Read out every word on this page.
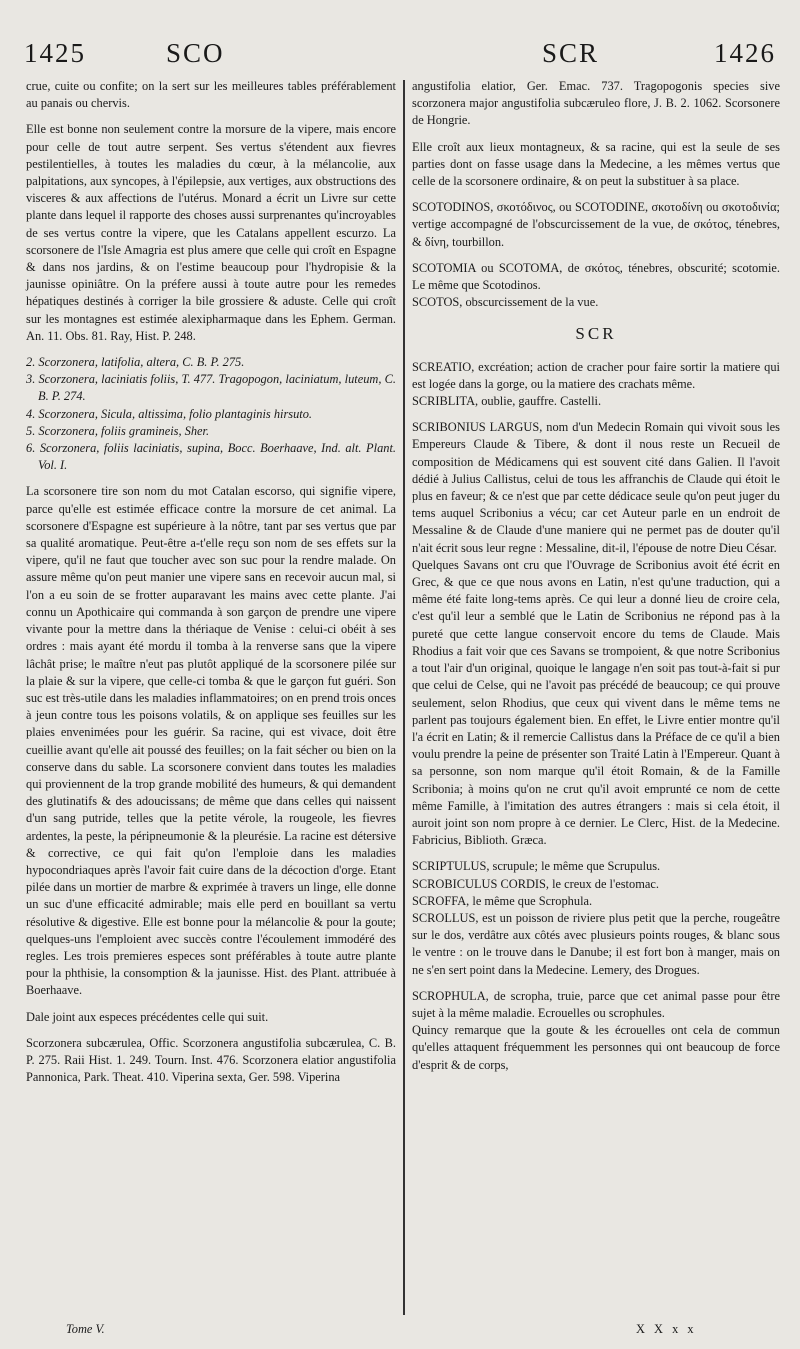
1425	SCO	SCR	1426

crue, cuite ou confite; on la sert sur les meilleures tables préférablement au panais ou chervis.

Elle est bonne non seulement contre la morsure de la vipere, mais encore pour celle de tout autre serpent. Ses vertus s'étendent aux fievres pestilentielles, à toutes les maladies du cœur, à la mélancolie, aux palpitations, aux syncopes, à l'épilepsie, aux vertiges, aux obstructions des visceres & aux affections de l'utérus. Monard a écrit un Livre sur cette plante dans lequel il rapporte des choses aussi surprenantes qu'incroyables de ses vertus contre la vipere, que les Catalans appellent escurzo. La scorsonere de l'Isle Amagria est plus amere que celle qui croît en Espagne & dans nos jardins, & on l'estime beaucoup pour l'hydropisie & la jaunisse opiniâtre. On la préfere aussi à toute autre pour les remedes hépatiques destinés à corriger la bile grossiere & aduste. Celle qui croît sur les montagnes est estimée alexipharmaque dans les Ephem. German. An. 11. Obs. 81. Ray, Hist. P. 248.

2. Scorzonera, latifolia, altera, C. B. P. 275.
3. Scorzonera, laciniatis foliis, T. 477. Tragopogon, laciniatum, luteum, C. B. P. 274.
4. Scorzonera, Sicula, altissima, folio plantaginis hirsuto.
5. Scorzonera, foliis gramineis, Sher.
6. Scorzonera, foliis laciniatis, supina, Bocc. Boerhaave, Ind. alt. Plant. Vol. I.

La scorsonere tire son nom du mot Catalan escorso, qui signifie vipere, parce qu'elle est estimée efficace contre la morsure de cet animal. La scorsonere d'Espagne est supérieure à la nôtre, tant par ses vertus que par sa qualité aromatique. Peut-être a-t'elle reçu son nom de ses effets sur la vipere, qu'il ne faut que toucher avec son suc pour la rendre malade. On assure même qu'on peut manier une vipere sans en recevoir aucun mal, si l'on a eu soin de se frotter auparavant les mains avec cette plante. J'ai connu un Apothicaire qui commanda à son garçon de prendre une vipere vivante pour la mettre dans la thériaque de Venise : celui-ci obéit à ses ordres : mais ayant été mordu il tomba à la renverse sans que la vipere lâchât prise; le maître n'eut pas plutôt appliqué de la scorsonere pilée sur la plaie & sur la vipere, que celle-ci tomba & que le garçon fut guéri. Son suc est très-utile dans les maladies inflammatoires; on en prend trois onces à jeun contre tous les poisons volatils, & on applique ses feuilles sur les plaies envenimées pour les guérir. Sa racine, qui est vivace, doit être cueillie avant qu'elle ait poussé des feuilles; on la fait sécher ou bien on la conserve dans du sable. La scorsonere convient dans toutes les maladies qui proviennent de la trop grande mobilité des humeurs, & qui demandent des glutinatifs & des adoucissans; de même que dans celles qui naissent d'un sang putride, telles que la petite vérole, la rougeole, les fievres ardentes, la peste, la péripneumonie & la pleurésie. La racine est détersive & corrective, ce qui fait qu'on l'emploie dans les maladies hypocondriaques après l'avoir fait cuire dans de la décoction d'orge. Etant pilée dans un mortier de marbre & exprimée à travers un linge, elle donne un suc d'une efficacité admirable; mais elle perd en bouillant sa vertu résolutive & digestive. Elle est bonne pour la mélancolie & pour la goute; quelques-uns l'emploient avec succès contre l'écoulement immodéré des regles. Les trois premieres especes sont préférables à toute autre plante pour la phthisie, la consomption & la jaunisse. Hist. des Plant. attribuée à Boerhaave.

Dale joint aux especes précédentes celle qui suit.

Scorzonera subcærulea, Offic. Scorzonera angustifolia subcærulea, C. B. P. 275. Raii Hist. 1. 249. Tourn. Inst. 476. Scorzonera elatior angustifolia Pannonica, Park. Theat. 410. Viperina sexta, Ger. 598. Viperina

angustifolia elatior, Ger. Emac. 737. Tragopogonis species sive scorzonera major angustifolia subcæruleo flore, J. B. 2. 1062. Scorsonere de Hongrie.

Elle croît aux lieux montagneux, & sa racine, qui est la seule de ses parties dont on fasse usage dans la Medecine, a les mêmes vertus que celle de la scorsonere ordinaire, & on peut la substituer à sa place.

SCOTODINOS, σκοτόδινος, ou SCOTODINE, σκοτοδίνη ou σκοτοδινία; vertige accompagné de l'obscurcissement de la vue, de σκότος, ténebres, & δίνη, tourbillon.

SCOTOMIA ou SCOTOMA, de σκότος, ténebres, obscurité; scotomie. Le même que Scotodinos.

SCOTOS, obscurcissement de la vue.

SCR

SCREATIO, excréation; action de cracher pour faire sortir la matiere qui est logée dans la gorge, ou la matiere des crachats même.

SCRIBLITA, oublie, gauffre. Castelli.

SCRIBONIUS LARGUS, nom d'un Medecin Romain qui vivoit sous les Empereurs Claude & Tibere, & dont il nous reste un Recueil de composition de Médicamens qui est souvent cité dans Galien. Il l'avoit dédié à Julius Callistus, celui de tous les affranchis de Claude qui étoit le plus en faveur; & ce n'est que par cette dédicace seule qu'on peut juger du tems auquel Scribonius a vécu; car cet Auteur parle en un endroit de Messaline & de Claude d'une maniere qui ne permet pas de douter qu'il n'ait écrit sous leur regne : Messaline, dit-il, l'épouse de notre Dieu César.

Quelques Savans ont cru que l'Ouvrage de Scribonius avoit été écrit en Grec, & que ce que nous avons en Latin, n'est qu'une traduction, qui a même été faite long-tems après. Ce qui leur a donné lieu de croire cela, c'est qu'il leur a semblé que le Latin de Scribonius ne répond pas à la pureté que cette langue conservoit encore du tems de Claude. Mais Rhodius a fait voir que ces Savans se trompoient, & que notre Scribonius a tout l'air d'un original, quoique le langage n'en soit pas tout-à-fait si pur que celui de Celse, qui ne l'avoit pas précédé de beaucoup; ce qui prouve seulement, selon Rhodius, que ceux qui vivent dans le même tems ne parlent pas toujours également bien. En effet, le Livre entier montre qu'il l'a écrit en Latin; & il remercie Callistus dans la Préface de ce qu'il a bien voulu prendre la peine de présenter son Traité Latin à l'Empereur. Quant à sa personne, son nom marque qu'il étoit Romain, & de la Famille Scribonia; à moins qu'on ne crut qu'il avoit emprunté ce nom de cette même Famille, à l'imitation des autres étrangers : mais si cela étoit, il auroit joint son nom propre à ce dernier. Le Clerc, Hist. de la Medecine. Fabricius, Biblioth. Græca.

SCRIPTULUS, scrupule; le même que Scrupulus.

SCROBICULUS CORDIS, le creux de l'estomac.

SCROFFA, le même que Scrophula.

SCROLLUS, est un poisson de riviere plus petit que la perche, rougeâtre sur le dos, verdâtre aux côtés avec plusieurs points rouges, & blanc sous le ventre : on le trouve dans le Danube; il est fort bon à manger, mais on ne s'en sert point dans la Medecine. Lemery, des Drogues.

SCROPHULA, de scropha, truie, parce que cet animal passe pour être sujet à la même maladie. Ecrouelles ou scrophules.

Quincy remarque que la goute & les écrouelles ont cela de commun qu'elles attaquent fréquemment les personnes qui ont beaucoup de force d'esprit & de corps,

Tome V.	X X x x
